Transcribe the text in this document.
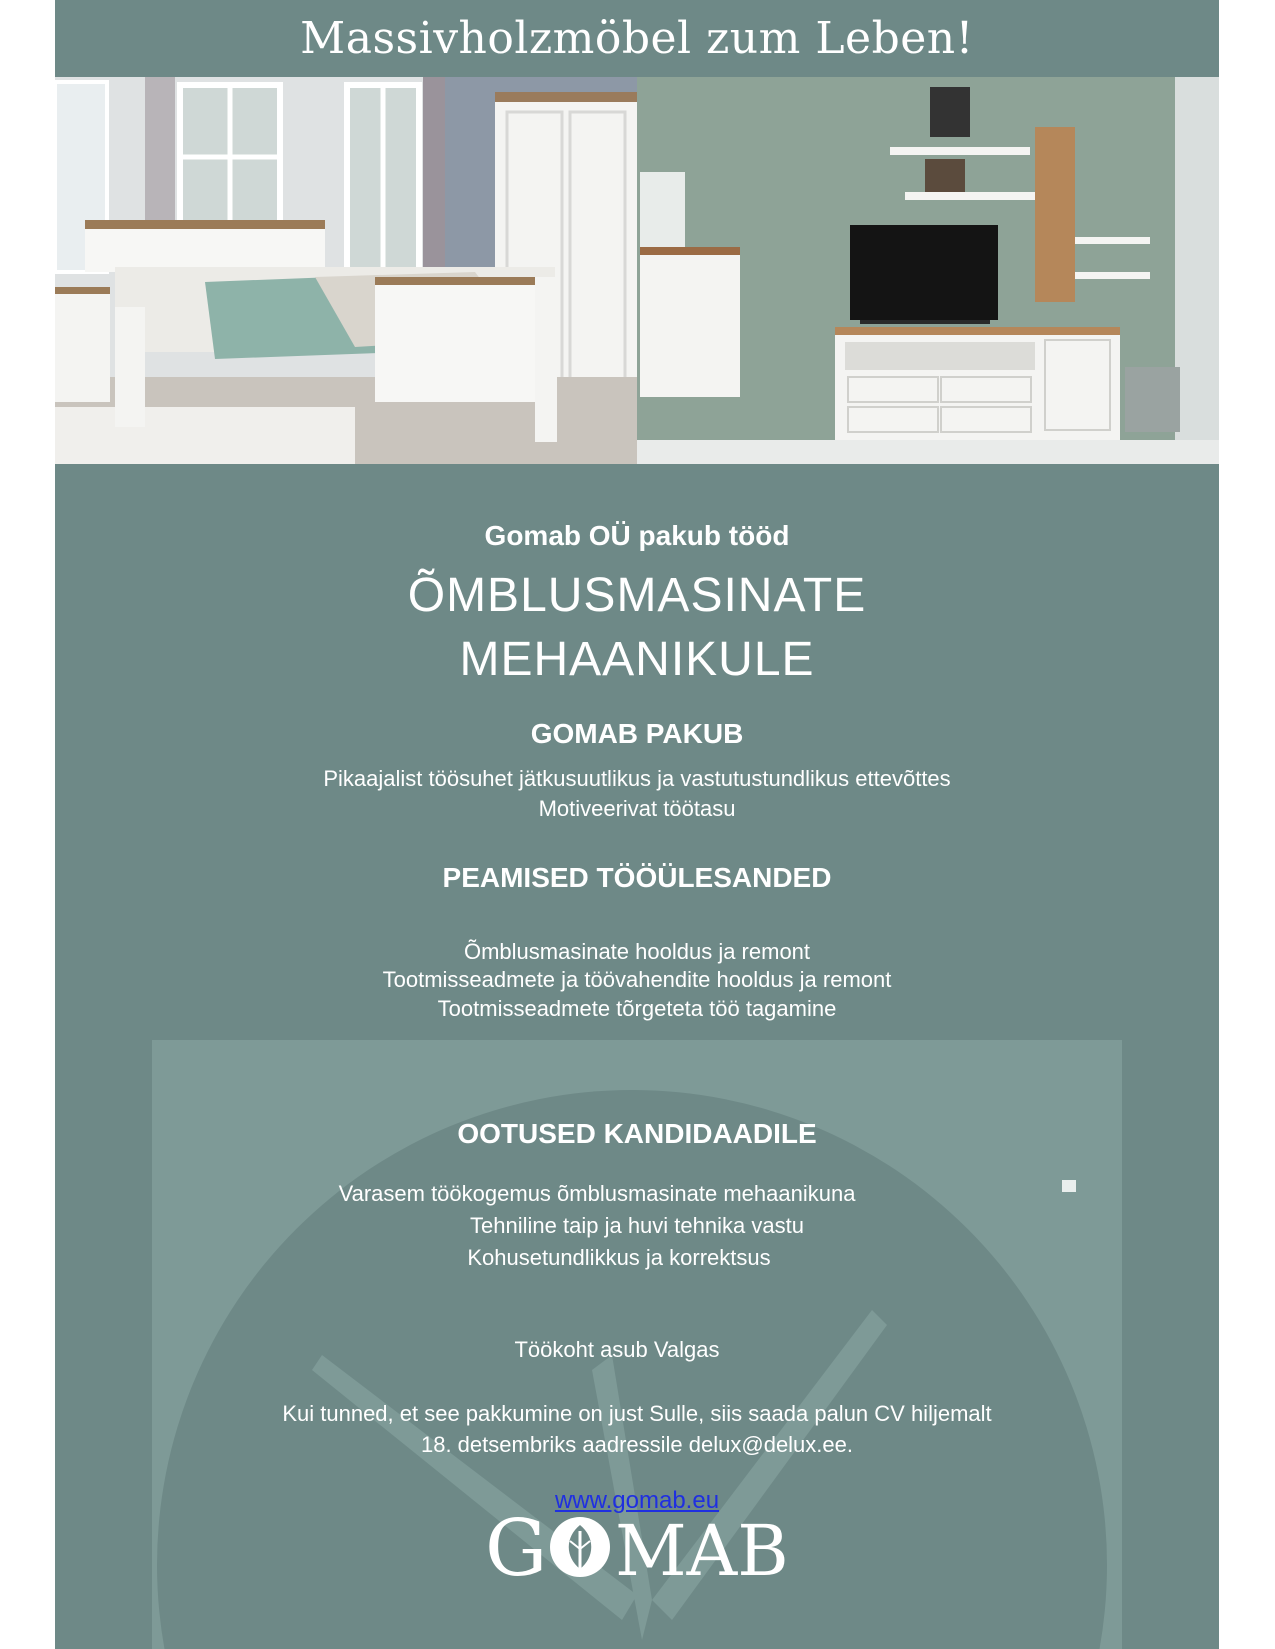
Massivholzmöbel zum Leben!
Gomab OÜ pakub tööd
ÕMBLUSMASINATE
MEHAANIKULE
GOMAB PAKUB
Pikaajalist töösuhet jätkusuutlikus ja vastutustundlikus ettevõttes
Motiveerivat töötasu
PEAMISED TÖÖÜLESANDED
Õmblusmasinate hooldus ja remont
Tootmisseadmete ja töövahendite hooldus ja remont
Tootmisseadmete tõrgeteta töö tagamine
OOTUSED KANDIDAADILE
Varasem töökogemus õmblusmasinate mehaanikuna
Tehniline taip ja huvi tehnika vastu
Kohusetundlikkus ja korrektsus
Töökoht asub Valgas
Kui tunned, et see pakkumine on just Sulle, siis saada palun CV hiljemalt
18. detsembriks aadressile delux@delux.ee.
www.gomab.eu
G MAB
